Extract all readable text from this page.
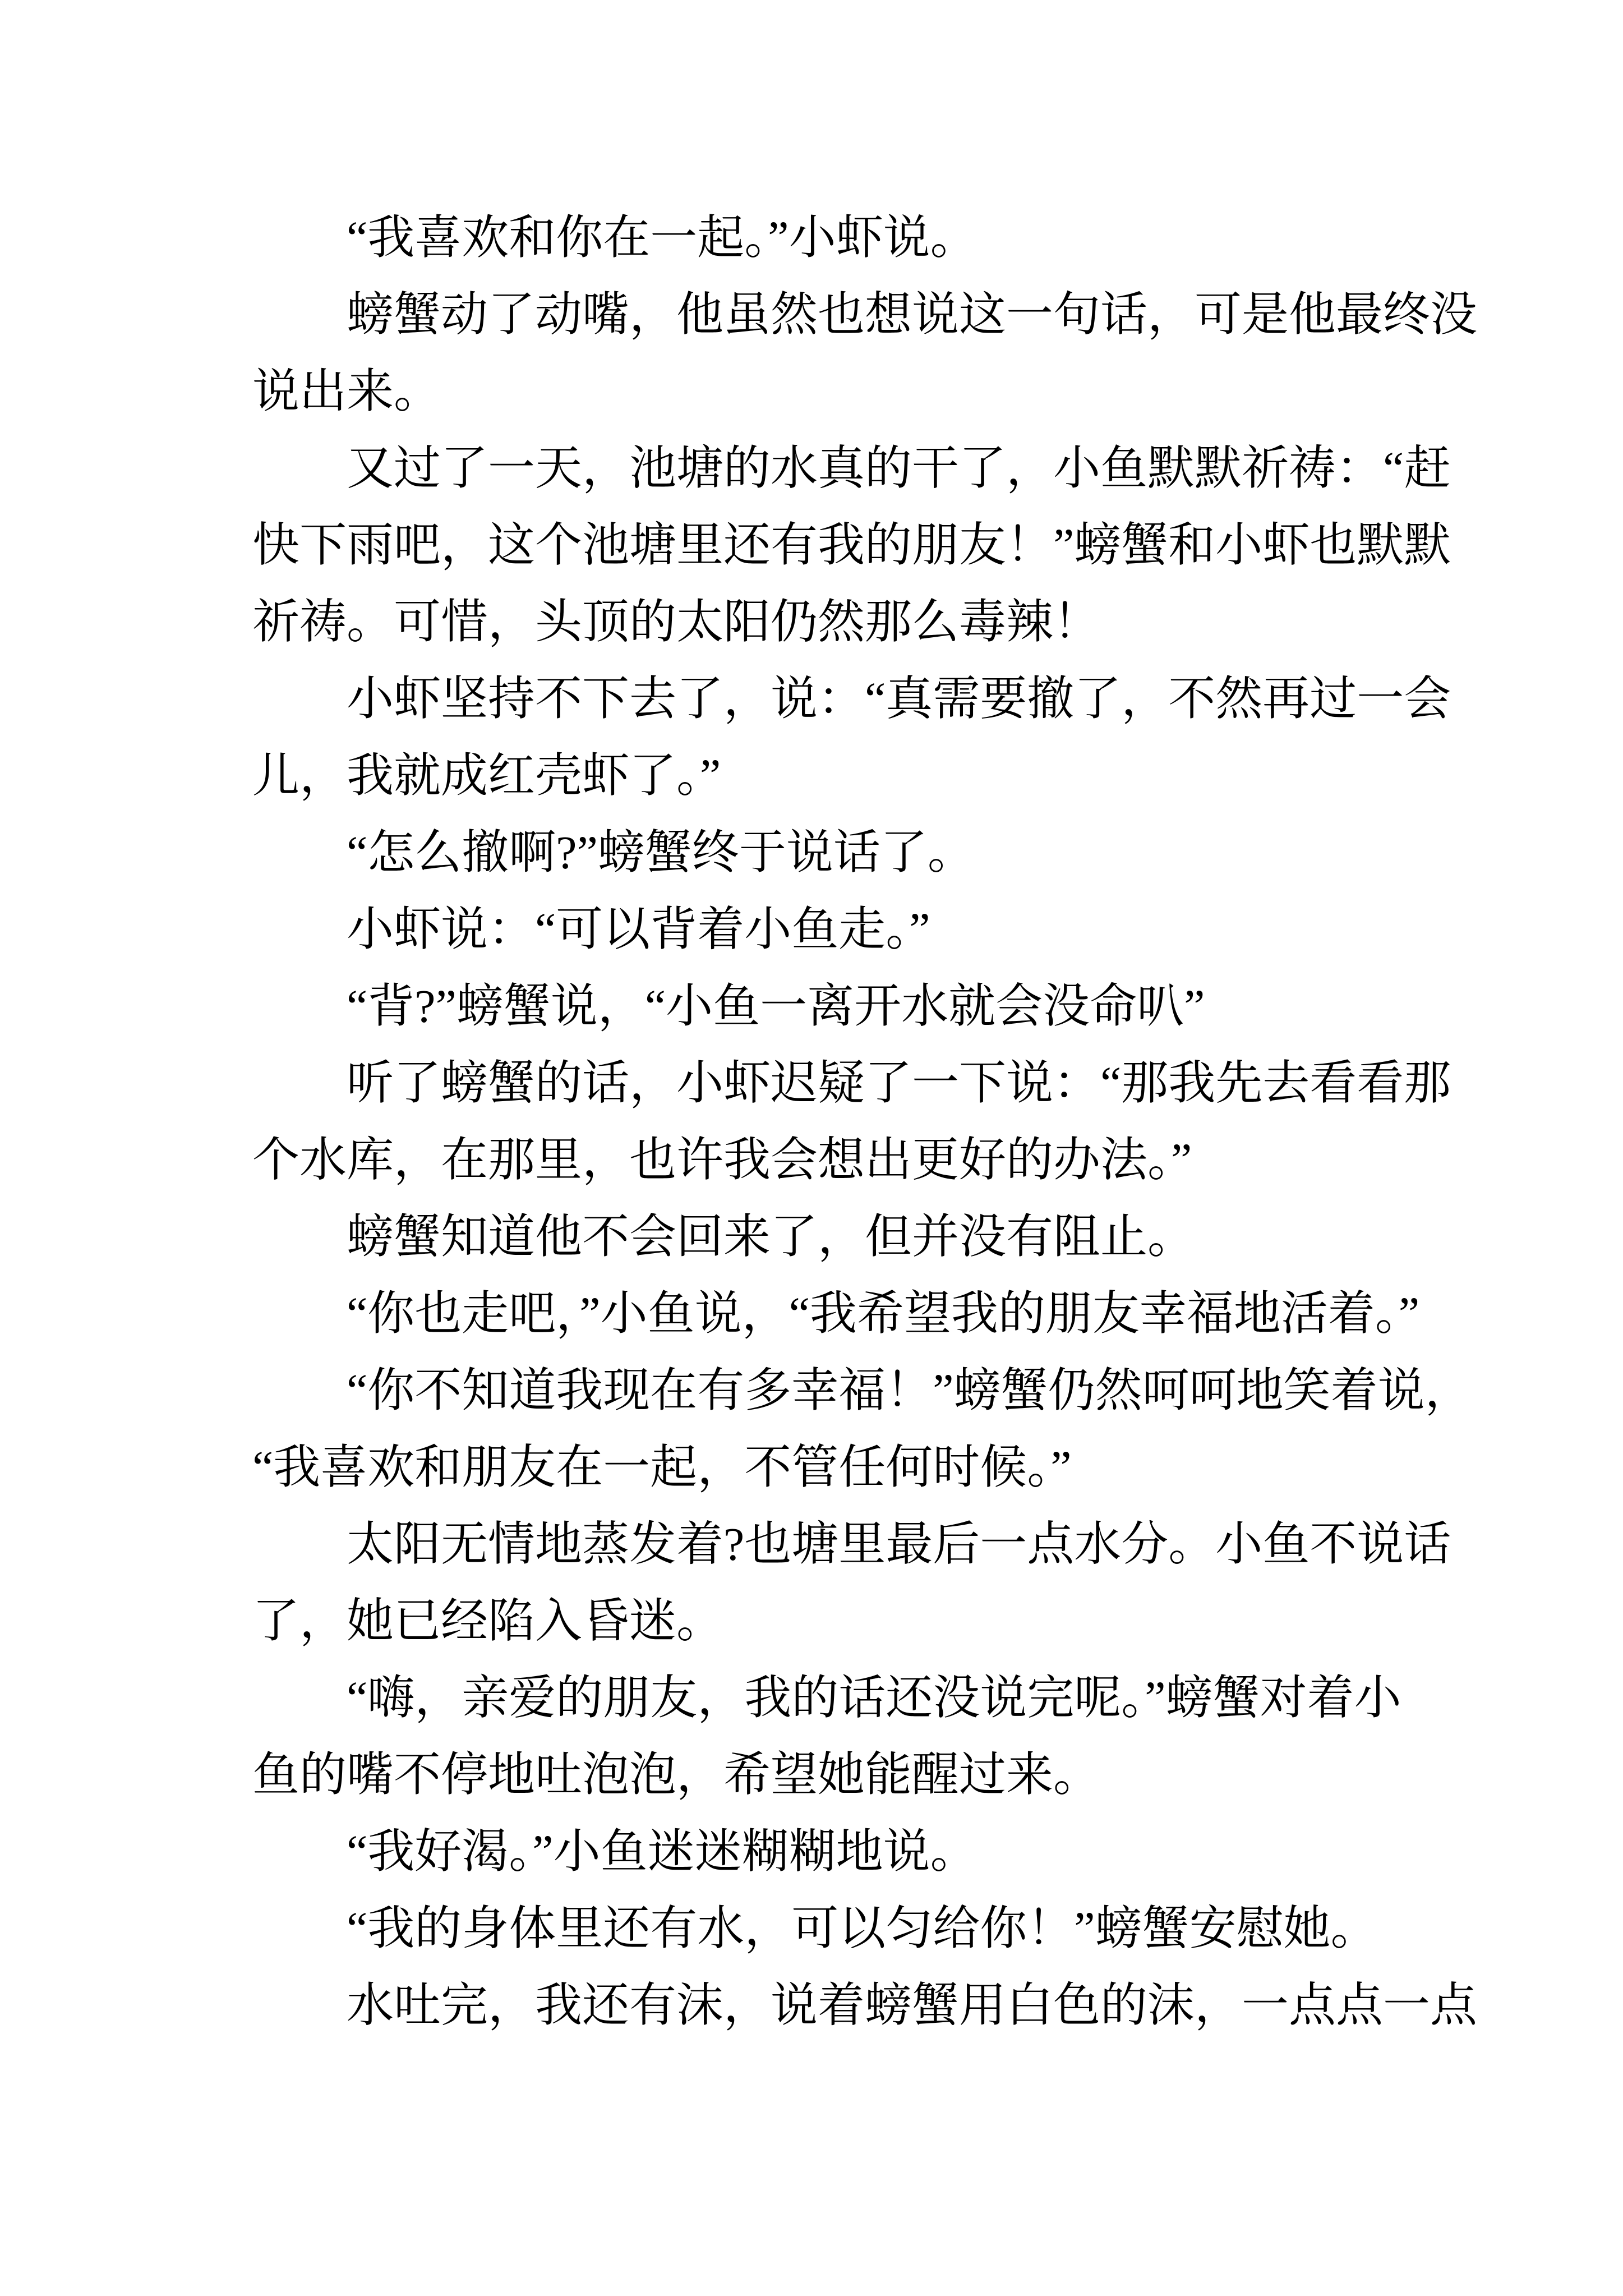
“我喜欢和你在一起。”小虾说。
螃蟹动了动嘴，他虽然也想说这一句话，可是他最终没
说出来。
又过了一天，池塘的水真的干了，小鱼默默祈祷：“赶
快下雨吧，这个池塘里还有我的朋友！”螃蟹和小虾也默默
祈祷。可惜，头顶的太阳仍然那么毒辣！
小虾坚持不下去了，说：“真需要撤了，不然再过一会
儿，我就成红壳虾了。”
“怎么撤啊?”螃蟹终于说话了。
小虾说：“可以背着小鱼走。”
“背?”螃蟹说，“小鱼一离开水就会没命叭”
听了螃蟹的话，小虾迟疑了一下说：“那我先去看看那
个水库，在那里，也许我会想出更好的办法。”
螃蟹知道他不会回来了，但并没有阻止。
“你也走吧，”小鱼说，“我希望我的朋友幸福地活着。”
“你不知道我现在有多幸福！”螃蟹仍然呵呵地笑着说，
“我喜欢和朋友在一起，不管任何时候。”
太阳无情地蒸发着?也塘里最后一点水分。小鱼不说话
了，她已经陷入昏迷。
“嗨，亲爱的朋友，我的话还没说完呢。”螃蟹对着小
鱼的嘴不停地吐泡泡，希望她能醒过来。
“我好渴。”小鱼迷迷糊糊地说。
“我的身体里还有水，可以匀给你！”螃蟹安慰她。
水吐完，我还有沫，说着螃蟹用白色的沫，一点点一点
